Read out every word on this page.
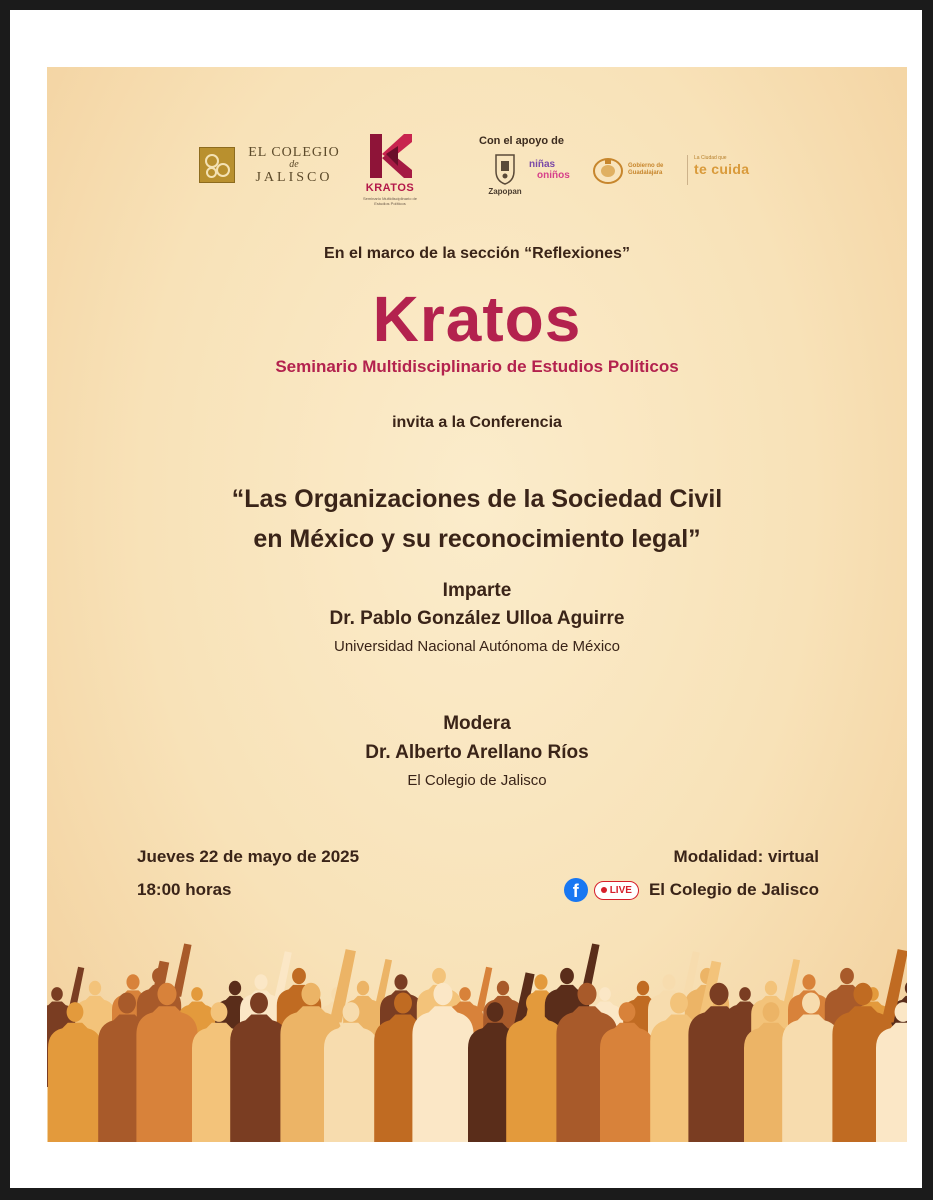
EL COLEGIO
de
JALISCO
KRATOS
Seminario Multidisciplinario de Estudios Políticos
Con el apoyo de
Zapopan
niñas
oniños
Gobierno de
Guadalajara
La Ciudad que
te cuida
En el marco de la sección “Reflexiones”
Kratos
Seminario Multidisciplinario de Estudios Políticos
invita a la Conferencia
“Las Organizaciones de la Sociedad Civil
en México y su reconocimiento legal”
Imparte
Dr. Pablo González Ulloa Aguirre
Universidad Nacional Autónoma de México
Modera
Dr. Alberto Arellano Ríos
El Colegio de Jalisco
Jueves 22 de mayo de 2025
18:00 horas
Modalidad: virtual
f	LIVE El Colegio de Jalisco
